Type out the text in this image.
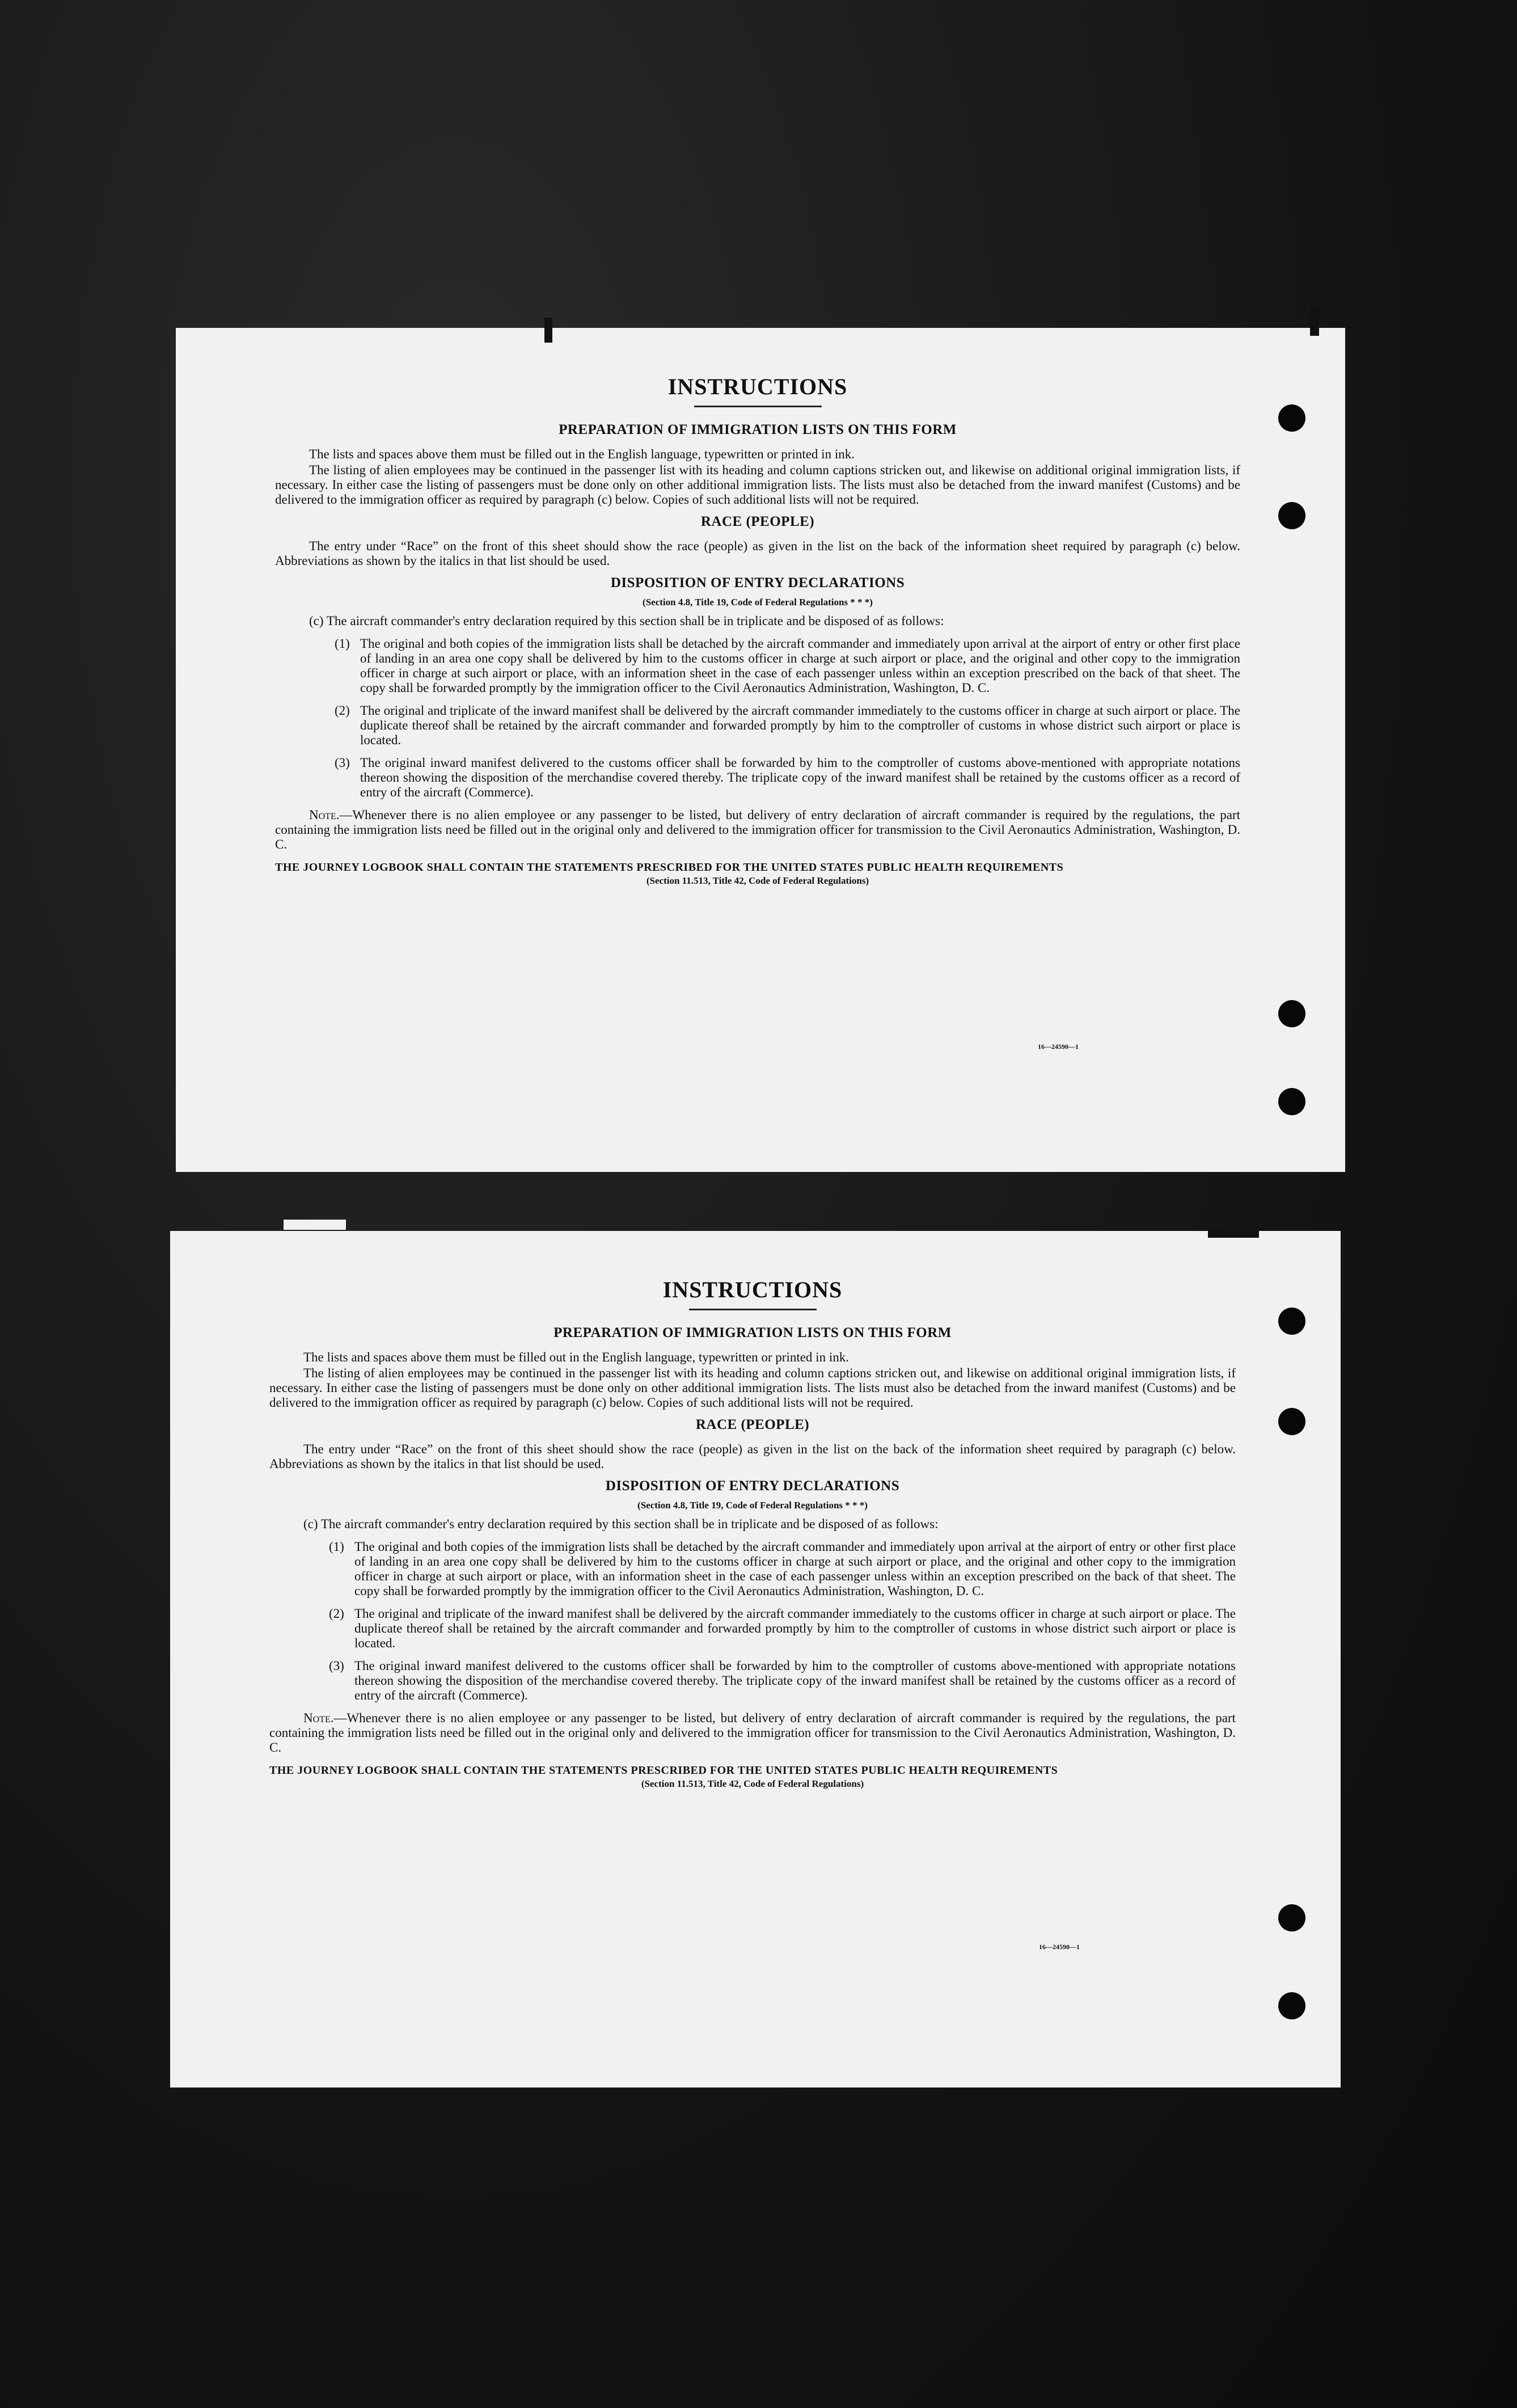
INSTRUCTIONS

PREPARATION OF IMMIGRATION LISTS ON THIS FORM

The lists and spaces above them must be filled out in the English language, typewritten or printed in ink.

The listing of alien employees may be continued in the passenger list with its heading and column captions stricken out, and likewise on additional original immigration lists, if necessary. In either case the listing of passengers must be done only on other additional immigration lists. The lists must also be detached from the inward manifest (Customs) and be delivered to the immigration officer as required by paragraph (c) below. Copies of such additional lists will not be required.

RACE (PEOPLE)

The entry under “Race” on the front of this sheet should show the race (people) as given in the list on the back of the information sheet required by paragraph (c) below. Abbreviations as shown by the italics in that list should be used.

DISPOSITION OF ENTRY DECLARATIONS

(Section 4.8, Title 19, Code of Federal Regulations * * *)

(c) The aircraft commander's entry declaration required by this section shall be in triplicate and be disposed of as follows:

(1) The original and both copies of the immigration lists shall be detached by the aircraft commander and immediately upon arrival at the airport of entry or other first place of landing in an area one copy shall be delivered by him to the customs officer in charge at such airport or place, and the original and other copy to the immigration officer in charge at such airport or place, with an information sheet in the case of each passenger unless within an exception prescribed on the back of that sheet. The copy shall be forwarded promptly by the immigration officer to the Civil Aeronautics Administration, Washington, D. C.

(2) The original and triplicate of the inward manifest shall be delivered by the aircraft commander immediately to the customs officer in charge at such airport or place. The duplicate thereof shall be retained by the aircraft commander and forwarded promptly by him to the comptroller of customs in whose district such airport or place is located.

(3) The original inward manifest delivered to the customs officer shall be forwarded by him to the comptroller of customs above-mentioned with appropriate notations thereon showing the disposition of the merchandise covered thereby. The triplicate copy of the inward manifest shall be retained by the customs officer as a record of entry of the aircraft (Commerce).

Note.—Whenever there is no alien employee or any passenger to be listed, but delivery of entry declaration of aircraft commander is required by the regulations, the part containing the immigration lists need be filled out in the original only and delivered to the immigration officer for transmission to the Civil Aeronautics Administration, Washington, D. C.

THE JOURNEY LOGBOOK SHALL CONTAIN THE STATEMENTS PRESCRIBED FOR THE UNITED STATES PUBLIC HEALTH REQUIREMENTS

(Section 11.513, Title 42, Code of Federal Regulations)

16—24590—1

INSTRUCTIONS

PREPARATION OF IMMIGRATION LISTS ON THIS FORM

The lists and spaces above them must be filled out in the English language, typewritten or printed in ink.

The listing of alien employees may be continued in the passenger list with its heading and column captions stricken out, and likewise on additional original immigration lists, if necessary. In either case the listing of passengers must be done only on other additional immigration lists. The lists must also be detached from the inward manifest (Customs) and be delivered to the immigration officer as required by paragraph (c) below. Copies of such additional lists will not be required.

RACE (PEOPLE)

The entry under “Race” on the front of this sheet should show the race (people) as given in the list on the back of the information sheet required by paragraph (c) below. Abbreviations as shown by the italics in that list should be used.

DISPOSITION OF ENTRY DECLARATIONS

(Section 4.8, Title 19, Code of Federal Regulations * * *)

(c) The aircraft commander's entry declaration required by this section shall be in triplicate and be disposed of as follows:

(1) The original and both copies of the immigration lists shall be detached by the aircraft commander and immediately upon arrival at the airport of entry or other first place of landing in an area one copy shall be delivered by him to the customs officer in charge at such airport or place, and the original and other copy to the immigration officer in charge at such airport or place, with an information sheet in the case of each passenger unless within an exception prescribed on the back of that sheet. The copy shall be forwarded promptly by the immigration officer to the Civil Aeronautics Administration, Washington, D. C.

(2) The original and triplicate of the inward manifest shall be delivered by the aircraft commander immediately to the customs officer in charge at such airport or place. The duplicate thereof shall be retained by the aircraft commander and forwarded promptly by him to the comptroller of customs in whose district such airport or place is located.

(3) The original inward manifest delivered to the customs officer shall be forwarded by him to the comptroller of customs above-mentioned with appropriate notations thereon showing the disposition of the merchandise covered thereby. The triplicate copy of the inward manifest shall be retained by the customs officer as a record of entry of the aircraft (Commerce).

Note.—Whenever there is no alien employee or any passenger to be listed, but delivery of entry declaration of aircraft commander is required by the regulations, the part containing the immigration lists need be filled out in the original only and delivered to the immigration officer for transmission to the Civil Aeronautics Administration, Washington, D. C.

THE JOURNEY LOGBOOK SHALL CONTAIN THE STATEMENTS PRESCRIBED FOR THE UNITED STATES PUBLIC HEALTH REQUIREMENTS

(Section 11.513, Title 42, Code of Federal Regulations)

16—24590—1
